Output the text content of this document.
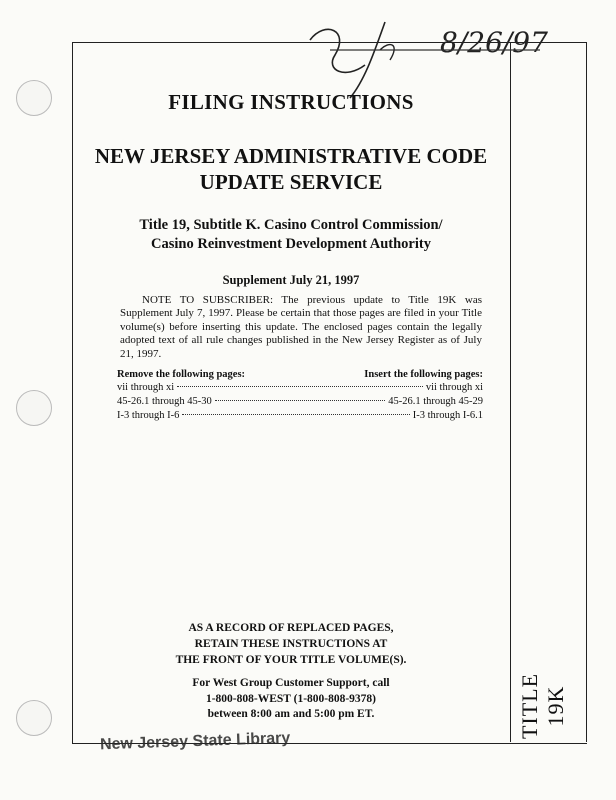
8/26/97
FILING INSTRUCTIONS
NEW JERSEY ADMINISTRATIVE CODE
UPDATE SERVICE
Title 19, Subtitle K. Casino Control Commission/
Casino Reinvestment Development Authority
Supplement July 21, 1997
NOTE TO SUBSCRIBER: The previous update to Title 19K was Supplement July 7, 1997. Please be certain that those pages are filed in your Title volume(s) before inserting this update. The enclosed pages contain the legally adopted text of all rule changes published in the New Jersey Register as of July 21, 1997.
Remove the following pages:	Insert the following pages:
vii through xi	vii through xi
45-26.1 through 45-30	45-26.1 through 45-29
I-3 through I-6	I-3 through I-6.1
AS A RECORD OF REPLACED PAGES,
RETAIN THESE INSTRUCTIONS AT
THE FRONT OF YOUR TITLE VOLUME(S).
For West Group Customer Support, call
1-800-808-WEST (1-800-808-9378)
between 8:00 am and 5:00 pm ET.	TITLE 19K
New Jersey State Library
